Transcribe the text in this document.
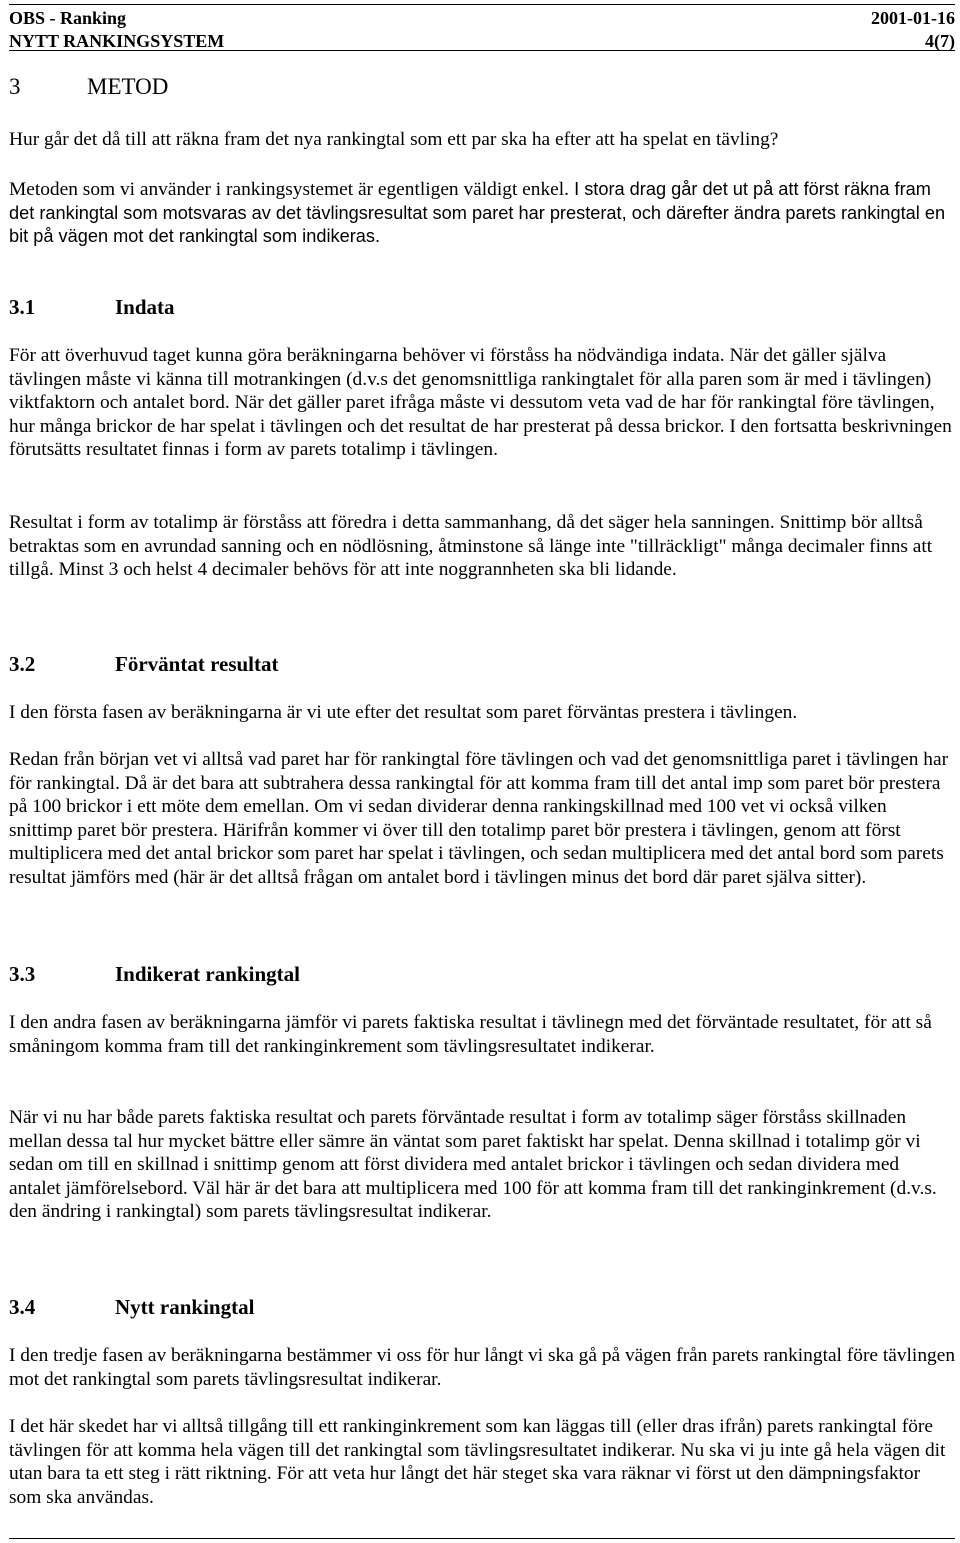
OBS - Ranking	2001-01-16
NYTT RANKINGSYSTEM	4(7)
3	METOD

Hur går det då till att räkna fram det nya rankingtal som ett par ska ha efter att ha spelat en tävling?

Metoden som vi använder i rankingsystemet är egentligen väldigt enkel. I stora drag går det ut på att först räkna fram det rankingtal som motsvaras av det tävlingsresultat som paret har presterat, och därefter ändra parets rankingtal en bit på vägen mot det rankingtal som indikeras.

3.1	Indata

För att överhuvud taget kunna göra beräkningarna behöver vi förståss ha nödvändiga indata. När det gäller själva tävlingen måste vi känna till motrankingen (d.v.s det genomsnittliga rankingtalet för alla paren som är med i tävlingen) viktfaktorn och antalet bord. När det gäller paret ifråga måste vi dessutom veta vad de har för rankingtal före tävlingen, hur många brickor de har spelat i tävlingen och det resultat de har presterat på dessa brickor. I den fortsatta beskrivningen förutsätts resultatet finnas i form av parets totalimp i tävlingen.

Resultat i form av totalimp är förståss att föredra i detta sammanhang, då det säger hela sanningen. Snittimp bör alltså betraktas som en avrundad sanning och en nödlösning, åtminstone så länge inte "tillräckligt" många decimaler finns att tillgå. Minst 3 och helst 4 decimaler behövs för att inte noggrannheten ska bli lidande.

3.2	Förväntat resultat

I den första fasen av beräkningarna är vi ute efter det resultat som paret förväntas prestera i tävlingen.

Redan från början vet vi alltså vad paret har för rankingtal före tävlingen och vad det genomsnittliga paret i tävlingen har för rankingtal. Då är det bara att subtrahera dessa rankingtal för att komma fram till det antal imp som paret bör prestera på 100 brickor i ett möte dem emellan. Om vi sedan dividerar denna rankingskillnad med 100 vet vi också vilken snittimp paret bör prestera. Härifrån kommer vi över till den totalimp paret bör prestera i tävlingen, genom att först multiplicera med det antal brickor som paret har spelat i tävlingen, och sedan multiplicera med det antal bord som parets resultat jämförs med (här är det alltså frågan om antalet bord i tävlingen minus det bord där paret själva sitter).

3.3	Indikerat rankingtal

I den andra fasen av beräkningarna jämför vi parets faktiska resultat i tävlinegn med det förväntade resultatet, för att så småningom komma fram till det rankinginkrement som tävlingsresultatet indikerar.

När vi nu har både parets faktiska resultat och parets förväntade resultat i form av totalimp säger förståss skillnaden mellan dessa tal hur mycket bättre eller sämre än väntat som paret faktiskt har spelat. Denna skillnad i totalimp gör vi sedan om till en skillnad i snittimp genom att först dividera med antalet brickor i tävlingen och sedan dividera med antalet jämförelsebord. Väl här är det bara att multiplicera med 100 för att komma fram till det rankinginkrement (d.v.s. den ändring i rankingtal) som parets tävlingsresultat indikerar.

3.4	Nytt rankingtal

I den tredje fasen av beräkningarna bestämmer vi oss för hur långt vi ska gå på vägen från parets rankingtal före tävlingen mot det rankingtal som parets tävlingsresultat indikerar.

I det här skedet har vi alltså tillgång till ett rankinginkrement som kan läggas till (eller dras ifrån) parets rankingtal före tävlingen för att komma hela vägen till det rankingtal som tävlingsresultatet indikerar. Nu ska vi ju inte gå hela vägen dit utan bara ta ett steg i rätt riktning. För att veta hur långt det här steget ska vara räknar vi först ut den dämpningsfaktor som ska användas.
